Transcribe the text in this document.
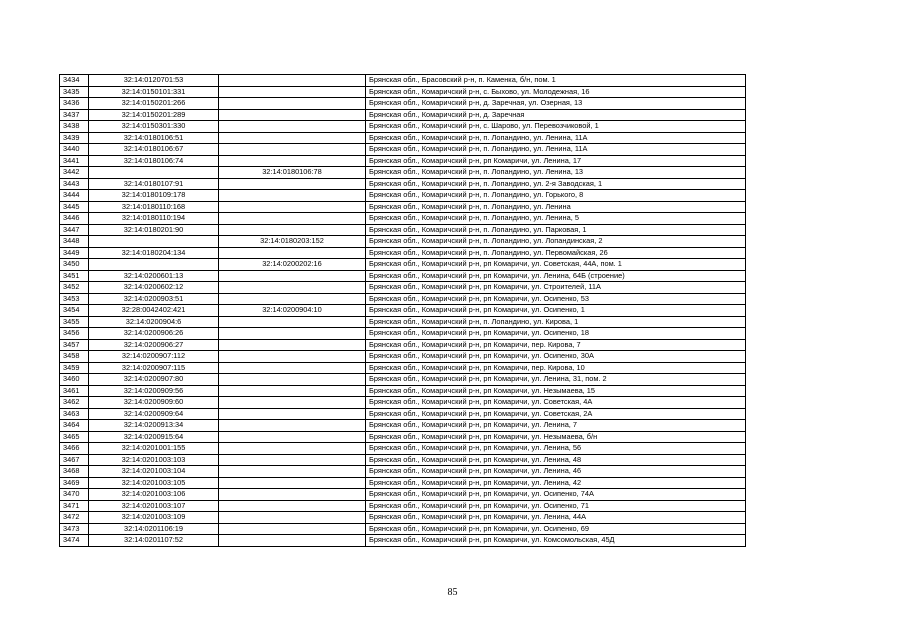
3434	32:14:0120701:53		Брянская обл., Брасовский р-н, п. Каменка, б/н, пом. 1
3435	32:14:0150101:331		Брянская обл., Комаричский р-н, с. Быхово, ул. Молодежная, 16
3436	32:14:0150201:266		Брянская обл., Комаричский р-н, д. Заречная, ул. Озерная, 13
3437	32:14:0150201:289		Брянская обл., Комаричский р-н, д. Заречная
3438	32:14:0150301:330		Брянская обл., Комаричский р-н, с. Шарово, ул. Перевозчиковой, 1
3439	32:14:0180106:51		Брянская обл., Комаричский р-н, п. Лопандино, ул. Ленина, 11А
3440	32:14:0180106:67		Брянская обл., Комаричский р-н, п. Лопандино, ул. Ленина, 11А
3441	32:14:0180106:74		Брянская обл., Комаричский р-н, рп Комаричи, ул. Ленина, 17
3442		32:14:0180106:78	Брянская обл., Комаричский р-н, п. Лопандино, ул. Ленина, 13
3443	32:14:0180107:91		Брянская обл., Комаричский р-н, п. Лопандино, ул. 2-я Заводская, 1
3444	32:14:0180109:178		Брянская обл., Комаричский р-н, п. Лопандино, ул. Горького, 8
3445	32:14:0180110:168		Брянская обл., Комаричский р-н, п. Лопандино, ул. Ленина
3446	32:14:0180110:194		Брянская обл., Комаричский р-н, п. Лопандино, ул. Ленина, 5
3447	32:14:0180201:90		Брянская обл., Комаричский р-н, п. Лопандино, ул. Парковая, 1
3448		32:14:0180203:152	Брянская обл., Комаричский р-н, п. Лопандино, ул. Лопандинская, 2
3449	32:14:0180204:134		Брянская обл., Комаричский р-н, п. Лопандино, ул. Первомайская, 26
3450		32:14:0200202:16	Брянская обл., Комаричский р-н, рп Комаричи, ул. Советская, 44А, пом. 1
3451	32:14:0200601:13		Брянская обл., Комаричский р-н, рп Комаричи, ул. Ленина, 64Б (строение)
3452	32:14:0200602:12		Брянская обл., Комаричский р-н, рп Комаричи, ул. Строителей, 11А
3453	32:14:0200903:51		Брянская обл., Комаричский р-н, рп Комаричи, ул. Осипенко, 53
3454	32:28:0042402:421	32:14:0200904:10	Брянская обл., Комаричский р-н, рп Комаричи, ул. Осипенко, 1
3455	32:14:0200904:6		Брянская обл., Комаричский р-н, п. Лопандино, ул. Кирова, 1
3456	32:14:0200906:26		Брянская обл., Комаричский р-н, рп Комаричи, ул. Осипенко, 18
3457	32:14:0200906:27		Брянская обл., Комаричский р-н, рп Комаричи, пер. Кирова, 7
3458	32:14:0200907:112		Брянская обл., Комаричский р-н, рп Комаричи, ул. Осипенко, 30А
3459	32:14:0200907:115		Брянская обл., Комаричский р-н, рп Комаричи, пер. Кирова, 10
3460	32:14:0200907:80		Брянская обл., Комаричский р-н, рп Комаричи, ул. Ленина, 31, пом. 2
3461	32:14:0200909:56		Брянская обл., Комаричский р-н, рп Комаричи, ул. Незымаева, 15
3462	32:14:0200909:60		Брянская обл., Комаричский р-н, рп Комаричи, ул. Советская, 4А
3463	32:14:0200909:64		Брянская обл., Комаричский р-н, рп Комаричи, ул. Советская, 2А
3464	32:14:0200913:34		Брянская обл., Комаричский р-н, рп Комаричи, ул. Ленина, 7
3465	32:14:0200915:64		Брянская обл., Комаричский р-н, рп Комаричи, ул. Незымаева, б/н
3466	32:14:0201001:155		Брянская обл., Комаричский р-н, рп Комаричи, ул. Ленина, 56
3467	32:14:0201003:103		Брянская обл., Комаричский р-н, рп Комаричи, ул. Ленина, 48
3468	32:14:0201003:104		Брянская обл., Комаричский р-н, рп Комаричи, ул. Ленина, 46
3469	32:14:0201003:105		Брянская обл., Комаричский р-н, рп Комаричи, ул. Ленина, 42
3470	32:14:0201003:106		Брянская обл., Комаричский р-н, рп Комаричи, ул. Осипенко, 74А
3471	32:14:0201003:107		Брянская обл., Комаричский р-н, рп Комаричи, ул. Осипенко, 71
3472	32:14:0201003:109		Брянская обл., Комаричский р-н, рп Комаричи, ул. Ленина, 44А
3473	32:14:0201106:19		Брянская обл., Комаричский р-н, рп Комаричи, ул. Осипенко, 69
3474	32:14:0201107:52		Брянская обл., Комаричский р-н, рп Комаричи, ул. Комсомольская, 45Д
85
